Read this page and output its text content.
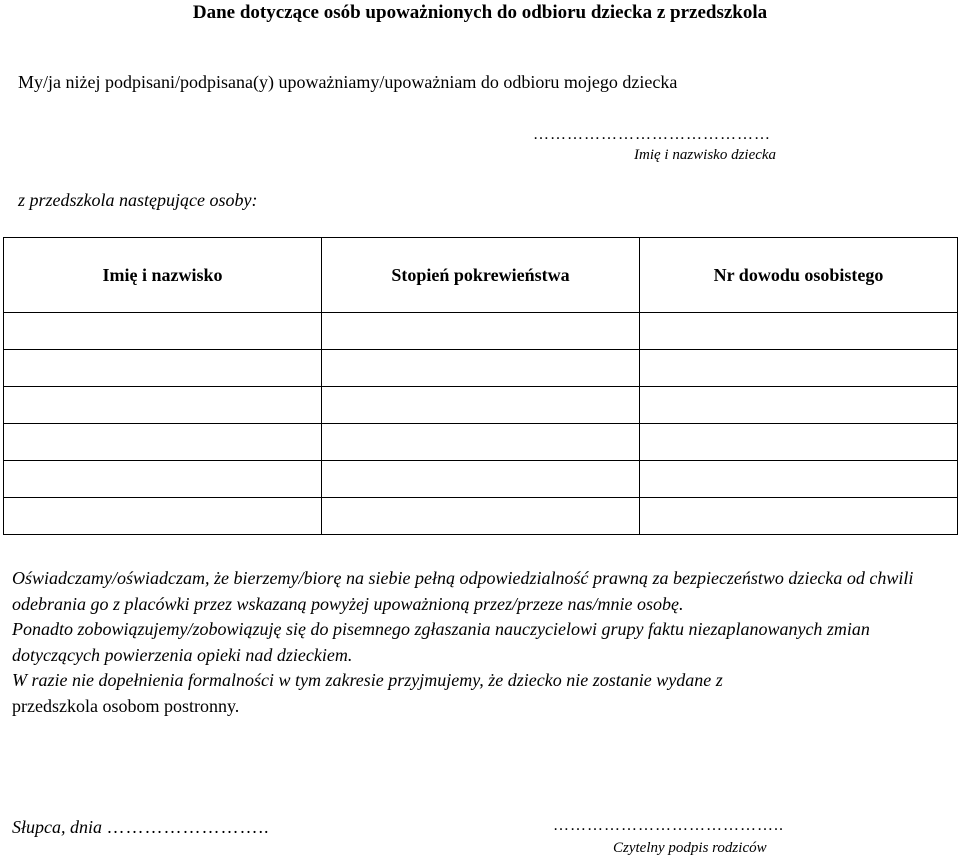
Dane dotyczące osób upoważnionych do odbioru dziecka z przedszkola
My/ja niżej podpisani/podpisana(y) upoważniamy/upoważniam do odbioru mojego dziecka
……………………………………
Imię i nazwisko dziecka
z przedszkola następujące osoby:
Imię i nazwisko	Stopień pokrewieństwa	Nr dowodu osobistego

Oświadczamy/oświadczam, że bierzemy/biorę na siebie pełną odpowiedzialność prawną za bezpieczeństwo dziecka od chwili odebrania go z placówki przez wskazaną powyżej upoważnioną przez/przeze nas/mnie osobę.

Ponadto zobowiązujemy/zobowiązuję się do pisemnego zgłaszania nauczycielowi grupy faktu niezaplanowanych zmian dotyczących powierzenia opieki nad dzieckiem.

W razie nie dopełnienia formalności w tym zakresie przyjmujemy, że dziecko nie zostanie wydane z

przedszkola osobom postronny.

Słupca, dnia ……………………..	…………………………………..
Czytelny podpis rodziców
